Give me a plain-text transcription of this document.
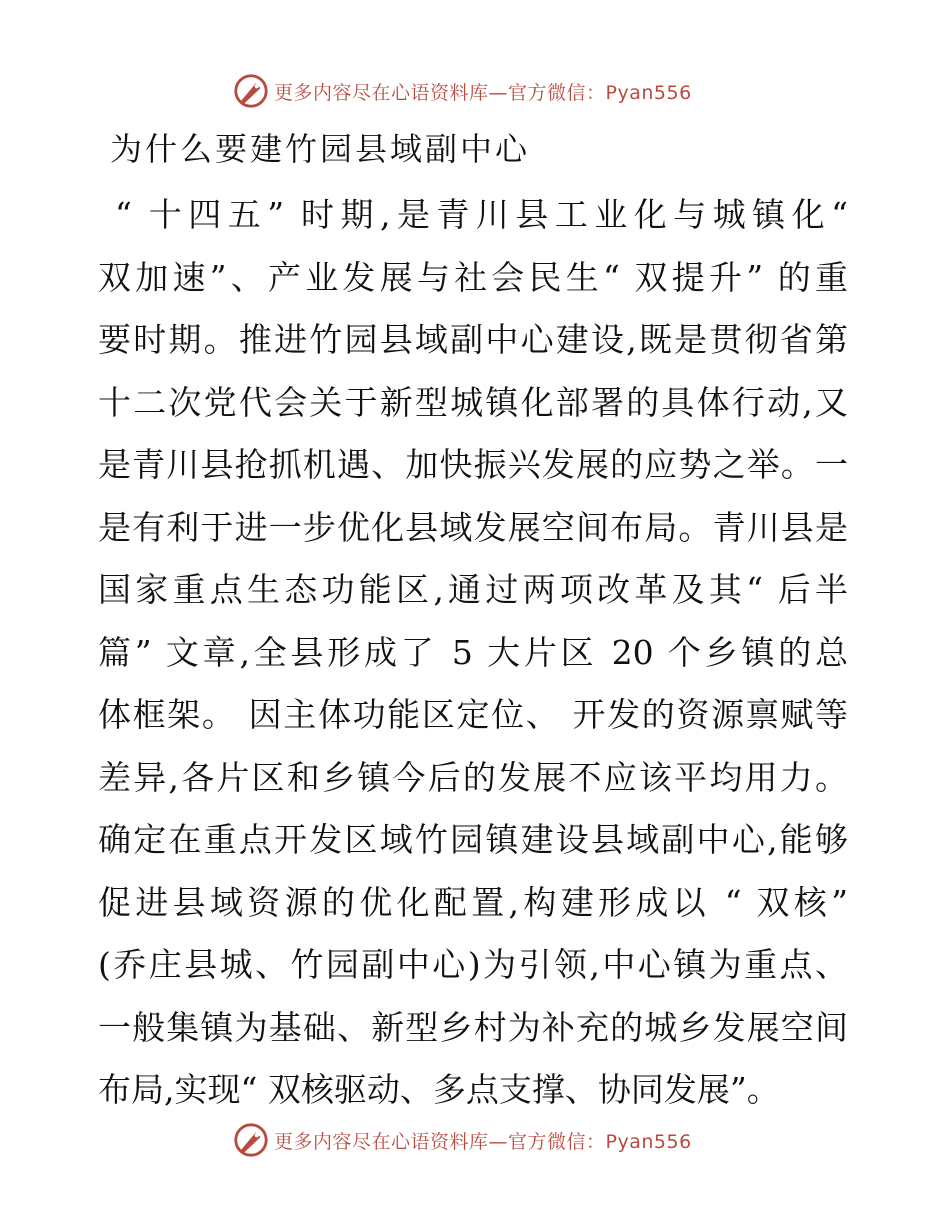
更多内容尽在心语资料库—官方微信：Pyan556
为什么要建竹园县域副中心

“ 十四五” 时期,是青川县工业化与城镇化“

双加速”、产业发展与社会民生“ 双提升” 的重

要时期。推进竹园县域副中心建设,既是贯彻省第

十二次党代会关于新型城镇化部署的具体行动,又

是青川县抢抓机遇、加快振兴发展的应势之举。一

是有利于进一步优化县域发展空间布局。青川县是

国家重点生态功能区,通过两项改革及其“ 后半

篇” 文章,全县形成了 5 大片区 20 个乡镇的总

体框架。 因主体功能区定位、 开发的资源禀赋等

差异,各片区和乡镇今后的发展不应该平均用力。

确定在重点开发区域竹园镇建设县域副中心,能够

促进县域资源的优化配置,构建形成以 “ 双核”

(乔庄县城、竹园副中心)为引领,中心镇为重点、

一般集镇为基础、新型乡村为补充的城乡发展空间

布局,实现“ 双核驱动、多点支撑、协同发展”。

更多内容尽在心语资料库—官方微信：Pyan556
